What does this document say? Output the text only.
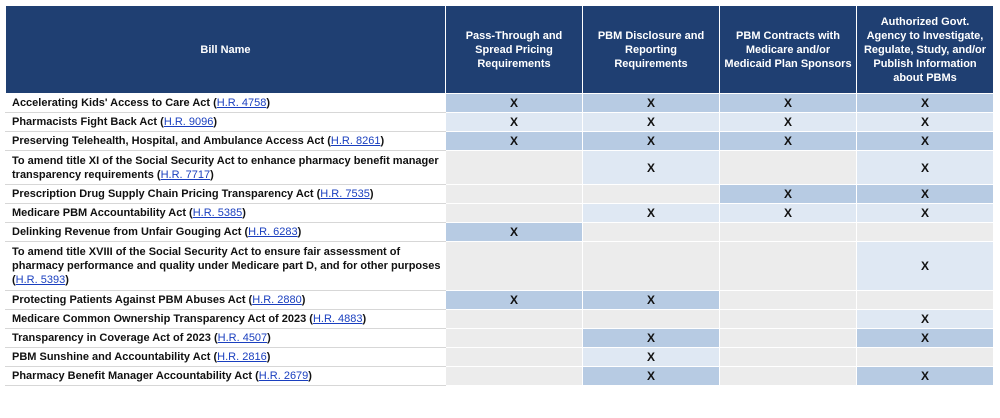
Bill Name	Pass-Through and Spread Pricing Requirements	PBM Disclosure and Reporting Requirements	PBM Contracts with Medicare and/or Medicaid Plan Sponsors	Authorized Govt. Agency to Investigate, Regulate, Study, and/or Publish Information about PBMs
Accelerating Kids' Access to Care Act (H.R. 4758)	X	X	X	X
Pharmacists Fight Back Act (H.R. 9096)	X	X	X	X
Preserving Telehealth, Hospital, and Ambulance Access Act (H.R. 8261)	X	X	X	X
To amend title XI of the Social Security Act to enhance pharmacy benefit manager transparency requirements (H.R. 7717)		X		X
Prescription Drug Supply Chain Pricing Transparency Act (H.R. 7535)			X	X
Medicare PBM Accountability Act (H.R. 5385)		X	X	X
Delinking Revenue from Unfair Gouging Act (H.R. 6283)	X			
To amend title XVIII of the Social Security Act to ensure fair assessment of pharmacy performance and quality under Medicare part D, and for other purposes (H.R. 5393)				X
Protecting Patients Against PBM Abuses Act (H.R. 2880)	X	X		
Medicare Common Ownership Transparency Act of 2023 (H.R. 4883)				X
Transparency in Coverage Act of 2023 (H.R. 4507)		X		X
PBM Sunshine and Accountability Act (H.R. 2816)		X		
Pharmacy Benefit Manager Accountability Act (H.R. 2679)		X		X
